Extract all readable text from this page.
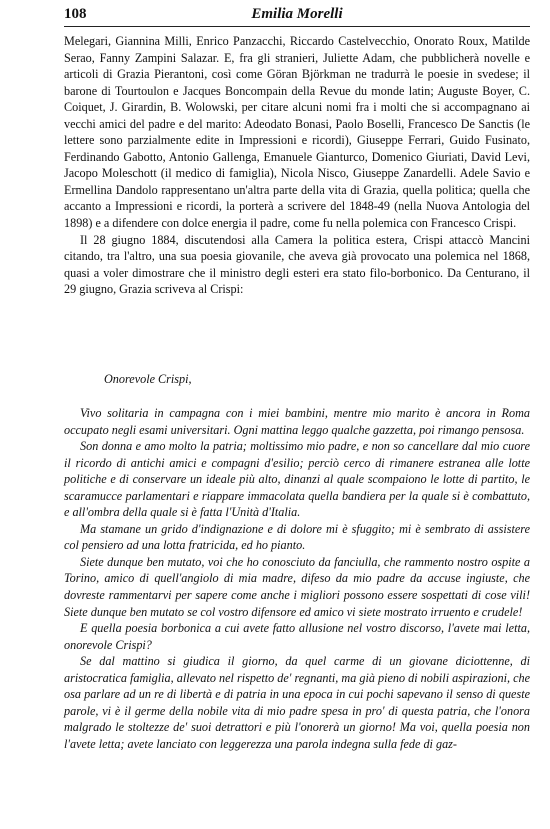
108	Emilia Morelli

Melegari, Giannina Milli, Enrico Panzacchi, Riccardo Castelvecchio, Onorato Roux, Matilde Serao, Fanny Zampini Salazar. E, fra gli stranieri, Juliette Adam, che pubblicherà novelle e articoli di Grazia Pierantoni, così come Göran Björkman ne tradurrà le poesie in svedese; il barone di Tourtoulon e Jacques Boncompain della Revue du monde latin; Auguste Boyer, C. Coiquet, J. Girardin, B. Wolowski, per citare alcuni nomi fra i molti che si accompagnano ai vecchi amici del padre e del marito: Adeodato Bonasi, Paolo Boselli, Francesco De Sanctis (le lettere sono parzialmente edite in Impressioni e ricordi), Giuseppe Ferrari, Guido Fusinato, Ferdinando Gabotto, Antonio Gallenga, Emanuele Gianturco, Domenico Giuriati, David Levi, Jacopo Moleschott (il medico di famiglia), Nicola Nisco, Giuseppe Zanardelli. Adele Savio e Ermellina Dandolo rappresentano un'altra parte della vita di Grazia, quella politica; quella che accanto a Impressioni e ricordi, la porterà a scrivere del 1848-49 (nella Nuova Antologia del 1898) e a difendere con dolce energia il padre, come fu nella polemica con Francesco Crispi.

Il 28 giugno 1884, discutendosi alla Camera la politica estera, Crispi attaccò Mancini citando, tra l'altro, una sua poesia giovanile, che aveva già provocato una polemica nel 1868, quasi a voler dimostrare che il ministro degli esteri era stato filo-borbonico. Da Centurano, il 29 giugno, Grazia scriveva al Crispi:

Onorevole Crispi,

Vivo solitaria in campagna con i miei bambini, mentre mio marito è ancora in Roma occupato negli esami universitari. Ogni mattina leggo qualche gazzetta, poi rimango pensosa.

Son donna e amo molto la patria; moltissimo mio padre, e non so cancellare dal mio cuore il ricordo di antichi amici e compagni d'esilio; perciò cerco di rimanere estranea alle lotte politiche e di conservare un ideale più alto, dinanzi al quale scompaiono le lotte di partito, le scaramucce parlamentari e riappare immacolata quella bandiera per la quale si è combattuto, e all'ombra della quale si è fatta l'Unità d'Italia.

Ma stamane un grido d'indignazione e di dolore mi è sfuggito; mi è sembrato di assistere col pensiero ad una lotta fratricida, ed ho pianto.

Siete dunque ben mutato, voi che ho conosciuto da fanciulla, che rammento nostro ospite a Torino, amico di quell'angiolo di mia madre, difeso da mio padre da accuse ingiuste, che dovreste rammentarvi per sapere come anche i migliori possono essere sospettati di cose vili! Siete dunque ben mutato se col vostro difensore ed amico vi siete mostrato irruento e crudele!

E quella poesia borbonica a cui avete fatto allusione nel vostro discorso, l'avete mai letta, onorevole Crispi?

Se dal mattino si giudica il giorno, da quel carme di un giovane diciottenne, di aristocratica famiglia, allevato nel rispetto de' regnanti, ma già pieno di nobili aspirazioni, che osa parlare ad un re di libertà e di patria in una epoca in cui pochi sapevano il senso di queste parole, vi è il germe della nobile vita di mio padre spesa in pro' di questa patria, che l'onora malgrado le stoltezze de' suoi detrattori e più l'onorerà un giorno! Ma voi, quella poesia non l'avete letta; avete lanciato con leggerezza una parola indegna sulla fede di gaz-
